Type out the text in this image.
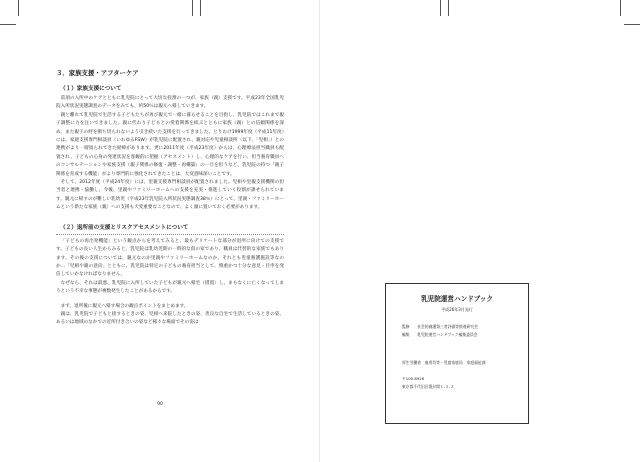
３．家族支援・アフターケア
（１）家族支援について

前項の入所中のケアとともに乳児院にとって大切な役割の一つが、家族（親）支援です。平成23年全国乳児院入所状況実態調査のデータをみても、約50％は親元へ帰していきます。

親と離れて乳児院で生活する子どもたちが再び親元で一緒に暮らせることを目指し、乳児院ではこれまで親子調整に力を注いできました。親に代わり子どもとの愛着関係を結ぶとともに家族（親）との信頼関係を深め、また親子の絆を断ち切られないよう引き続いた支援を行ってきました。とりわけ1999年度（平成11年度）には、家庭支援専門相談員（いわゆるFSW）が乳児院に配置され、親対応や児童相談所（以下、「児相」）との連携がより一層図られてきた経緯があります。更に2011年度（平成23年度）からは、心理療法担当職員も配置され、子どもの心身の発達状況を客観的に把握（アセスメント）し、心理的なケアを行い、担当養育職員へのコンサルテーションや家族支援（親子関係の修復・調整・再構築）の一旦を担うなど、乳児院の持つ「親子関係を育成する機能」がより専門的に強化されてきたことは、大変意味深いことです。

そして、2012年度（平成24年度）には、里親支援専門相談員が配置されました。児相や里親支援機関の担当者と連携・協働し、今後、里親やファミリーホームへの支援を充実・推進していく役割が課せられています。親元に帰すのが難しい乳幼児（平成23年乳児院入所状況実態調査38％）にとって、里親・ファミリーホームという新たな家族（親）への支援も大変重要なことなので、よく頭に置いておく必要があります。

（２）退所前の支援とリスクアセスメントについて

「子どもの再出発機能」という観点からを考えてみると、最もデリケートな部分が退所に向けての支援です。子どもの長い人生からみると、乳児院は乳幼児期の一時的な仮の家であり、職員は代替的な家族でもあります。その後の支援については、親元なのか里親やファミリーホームなのか、それとも児童養護施設等なのか…「児相や親の意向」とともに、乳児院は特定の子どもの養育担当として、慎重かつ十分な意見・目申を発信していかなければなりません。

なぜなら、それは最悪、乳児院に入所していた子どもが親元へ帰宅（措置）し、まもなくに亡くなってしまうという不幸な事態が複数発生したことがあるからです。

まず、退所後に親元へ帰す場合の観点ポイントをまとめます。

親は、乳児院で子どもと接するときの姿、児相へ来院したときの姿、善良な自宅で生活しているときの姿、あるいは地域のなかでの近所付き合いの姿など様々な場面でその姿は

90
乳児院運営ハンドブック
平成26年3月発行
監修 社会的養護第三者評価等推進研究会
編集 乳児院運営ハンドブック編集委員会
厚生労働省　雇用均等・児童家庭局　家庭福祉課
〒100-8916
東京都千代田区霞が関１-２-２
